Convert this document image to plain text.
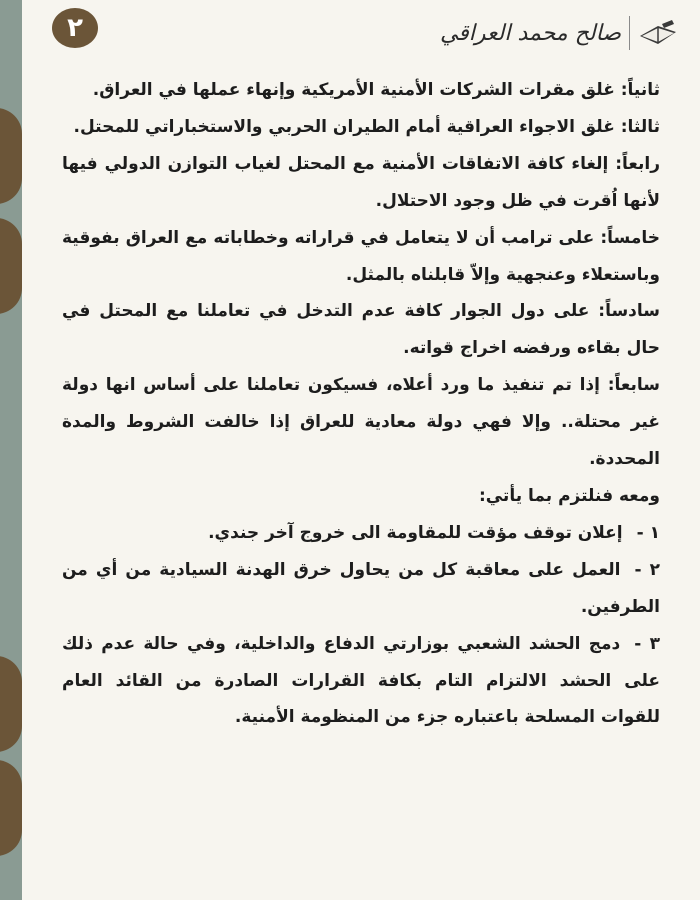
٢	صالح محمد العراقي

ثانياً: غلق مقرات الشركات الأمنية الأمريكية وإنهاء عملها في العراق.

ثالثا: غلق الاجواء العراقية أمام الطيران الحربي والاستخباراتي للمحتل.

رابعاً: إلغاء كافة الاتفاقات الأمنية مع المحتل لغياب التوازن الدولي فيها لأنها اُقرت في ظل وجود الاحتلال.

خامساً: على ترامب أن لا يتعامل في قراراته وخطاباته مع العراق بفوقية وباستعلاء وعنجهية وإلاّ قابلناه بالمثل.

سادساً: على دول الجوار كافة عدم التدخل في تعاملنا مع المحتل في حال بقاءه ورفضه اخراج قواته.

سابعاً: إذا تم تنفيذ ما ورد أعلاه، فسيكون تعاملنا على أساس انها دولة غير محتلة.. وإلا فهي دولة معادية للعراق إذا خالفت الشروط والمدة المحددة.

ومعه فنلتزم بما يأتي:

١ -إعلان توقف مؤقت للمقاومة الى خروج آخر جندي.

٢ -العمل على معاقبة كل من يحاول خرق الهدنة السيادية من أي من الطرفين.

٣ -دمج الحشد الشعبي بوزارتي الدفاع والداخلية، وفي حالة عدم ذلك على الحشد الالتزام التام بكافة القرارات الصادرة من القائد العام للقوات المسلحة باعتباره جزء من المنظومة الأمنية.
